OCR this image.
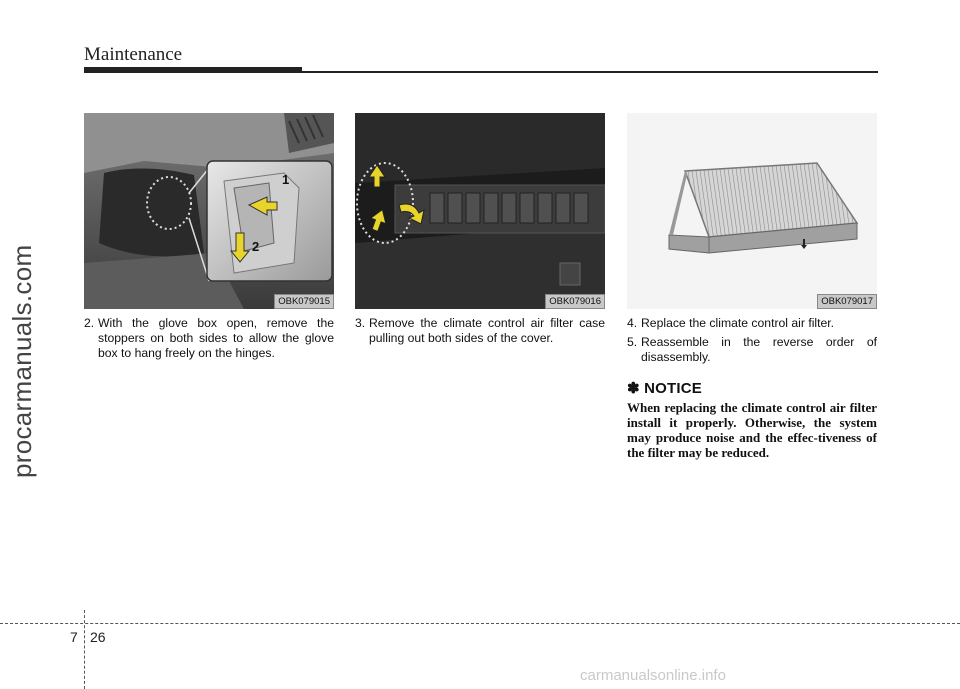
Maintenance
procarmanuals.com
1
2
OBK079015	OBK079016	OBK079017
2. With the glove box open, remove the stoppers on both sides to allow the glove box to hang freely on the hinges.
3. Remove the climate control air filter case pulling out both sides of the cover.
4. Replace the climate control air filter.
5. Reassemble in the reverse order of disassembly.
✽ NOTICE
When replacing the climate control air filter install it properly. Otherwise, the system may produce noise and the effec-tiveness of the filter may be reduced.
7 26
carmanualsonline.info
